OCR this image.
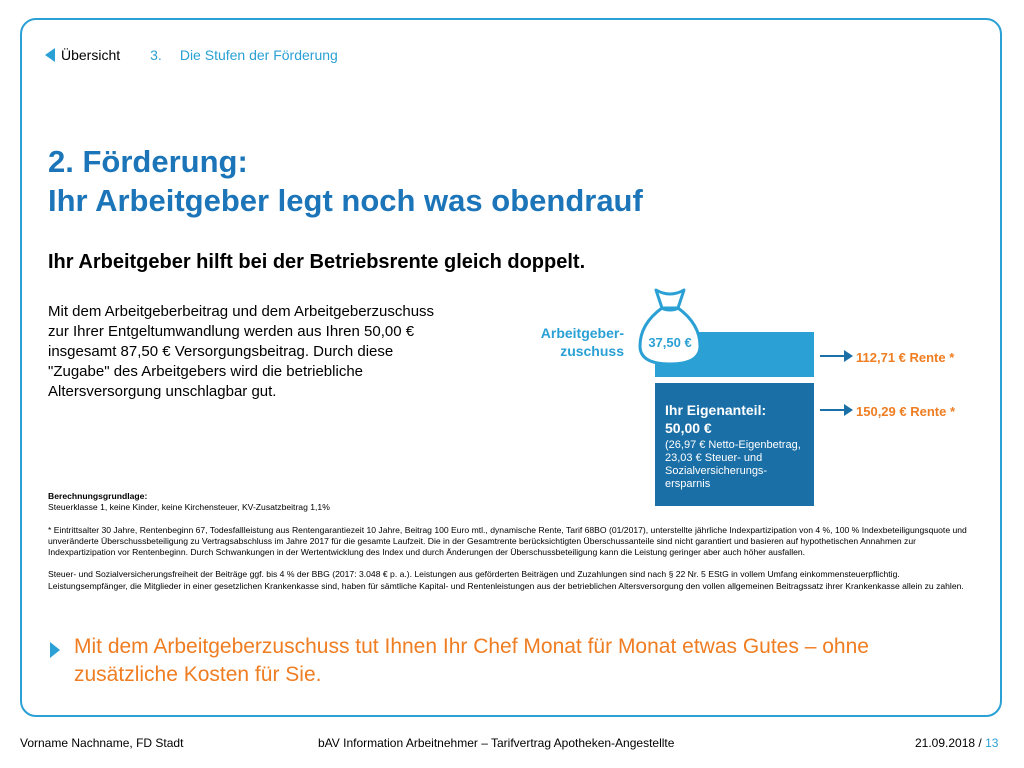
Übersicht 3. Die Stufen der Förderung
2. Förderung:
Ihr Arbeitgeber legt noch was obendrauf
Ihr Arbeitgeber hilft bei der Betriebsrente gleich doppelt.

Mit dem Arbeitgeberbeitrag und dem Arbeitgeberzuschuss
zur Ihrer Entgeltumwandlung werden aus Ihren 50,00 €
insgesamt 87,50 € Versorgungsbeitrag. Durch diese
"Zugabe" des Arbeitgebers wird die betriebliche
Altersversorgung unschlagbar gut.

Arbeitgeber-
zuschuss
37,50 €
Ihr Eigenanteil:
50,00 €
(26,97 € Netto-Eigenbetrag, 23,03 € Steuer- und Sozialversicherungs-ersparnis
112,71 € Rente *
150,29 € Rente *

Berechnungsgrundlage:

Steuerklasse 1, keine Kinder, keine Kirchensteuer, KV-Zusatzbeitrag 1,1%

* Eintrittsalter 30 Jahre, Rentenbeginn 67, Todesfallleistung aus Rentengarantiezeit 10 Jahre, Beitrag 100 Euro mtl., dynamische Rente, Tarif 68BO (01/2017), unterstellte jährliche Indexpartizipation von 4 %, 100 % Indexbeteiligungsquote und unveränderte Überschussbeteiligung zu Vertragsabschluss im Jahre 2017 für die gesamte Laufzeit. Die in der Gesamtrente berücksichtigten Überschussanteile sind nicht garantiert und basieren auf hypothetischen Annahmen zur Indexpartizipation vor Rentenbeginn. Durch Schwankungen in der Wertentwicklung des Index und durch Änderungen der Überschussbeteiligung kann die Leistung geringer aber auch höher ausfallen.

Steuer- und Sozialversicherungsfreiheit der Beiträge ggf. bis 4 % der BBG (2017: 3.048 € p. a.). Leistungen aus geförderten Beiträgen und Zuzahlungen sind nach § 22 Nr. 5 EStG in vollem Umfang einkommensteuerpflichtig. Leistungsempfänger, die Mitglieder in einer gesetzlichen Krankenkasse sind, haben für sämtliche Kapital- und Rentenleistungen aus der betrieblichen Altersversorgung den vollen allgemeinen Beitragssatz ihrer Krankenkasse allein zu zahlen.

Mit dem Arbeitgeberzuschuss tut Ihnen Ihr Chef Monat für Monat etwas Gutes – ohne zusätzliche Kosten für Sie.
Vorname Nachname, FD Stadt	bAV Information Arbeitnehmer – Tarifvertrag Apotheken-Angestellte	21.09.2018 / 13
